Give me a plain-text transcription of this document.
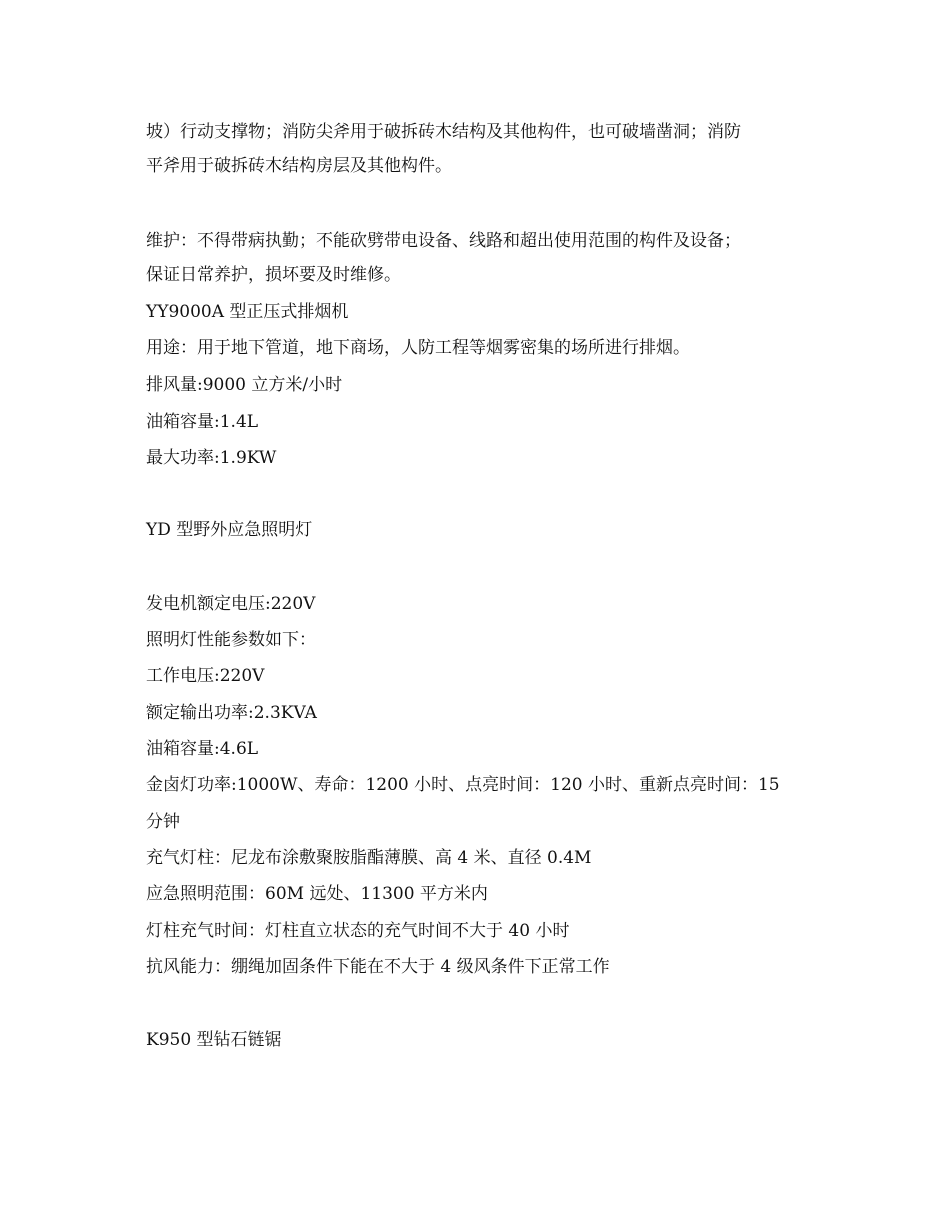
坡）行动支撑物；消防尖斧用于破拆砖木结构及其他构件，也可破墙凿洞；消防
平斧用于破拆砖木结构房层及其他构件。
维护：不得带病执勤；不能砍劈带电设备、线路和超出使用范围的构件及设备；
保证日常养护，损坏要及时维修。
YY9000A 型正压式排烟机
用途：用于地下管道，地下商场，人防工程等烟雾密集的场所进行排烟。
排风量:9000 立方米/小时
油箱容量:1.4L
最大功率:1.9KW
YD 型野外应急照明灯
发电机额定电压:220V
照明灯性能参数如下：
工作电压:220V
额定输出功率:2.3KVA
油箱容量:4.6L
金卤灯功率:1000W、寿命：1200 小时、点亮时间：120 小时、重新点亮时间：15
分钟
充气灯柱：尼龙布涂敷聚胺脂酯薄膜、高 4 米、直径 0.4M
应急照明范围：60M 远处、11300 平方米内
灯柱充气时间：灯柱直立状态的充气时间不大于 40 小时
抗风能力：绷绳加固条件下能在不大于 4 级风条件下正常工作
K950 型钻石链锯
